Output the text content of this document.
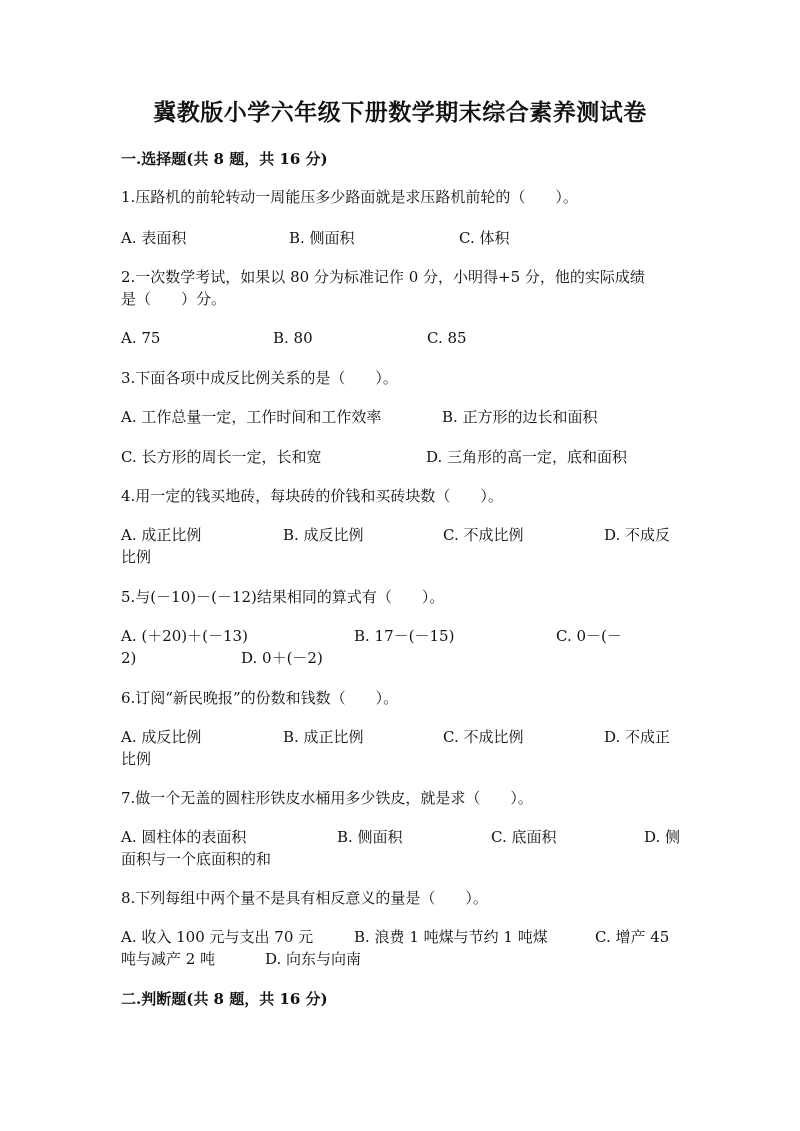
冀教版小学六年级下册数学期末综合素养测试卷
一.选择题(共 8 题，共 16 分)
1.压路机的前轮转动一周能压多少路面就是求压路机前轮的（　　）。
A. 表面积	B. 侧面积	C. 体积
2.一次数学考试，如果以 80 分为标准记作 0 分，小明得+5 分，他的实际成绩
是（　　）分。
A. 75	B. 80	C. 85
3.下面各项中成反比例关系的是（　　）。
A. 工作总量一定，工作时间和工作效率	B. 正方形的边长和面积
C. 长方形的周长一定，长和宽	D. 三角形的高一定，底和面积
4.用一定的钱买地砖，每块砖的价钱和买砖块数（　　）。
A. 成正比例	B. 成反比例	C. 不成比例	D. 不成反
比例
5.与(－10)－(－12)结果相同的算式有（　　）。
A. (＋20)＋(－13)	B. 17－(－15)	C. 0－(－
2)	D. 0＋(－2)
6.订阅“新民晚报”的份数和钱数（　　）。
A. 成反比例	B. 成正比例	C. 不成比例	D. 不成正
比例
7.做一个无盖的圆柱形铁皮水桶用多少铁皮，就是求（　　）。
A. 圆柱体的表面积	B. 侧面积	C. 底面积	D. 侧
面积与一个底面积的和
8.下列每组中两个量不是具有相反意义的量是（　　）。
A. 收入 100 元与支出 70 元	B. 浪费 1 吨煤与节约 1 吨煤	C. 增产 45
吨与减产 2 吨	D. 向东与向南
二.判断题(共 8 题，共 16 分)
